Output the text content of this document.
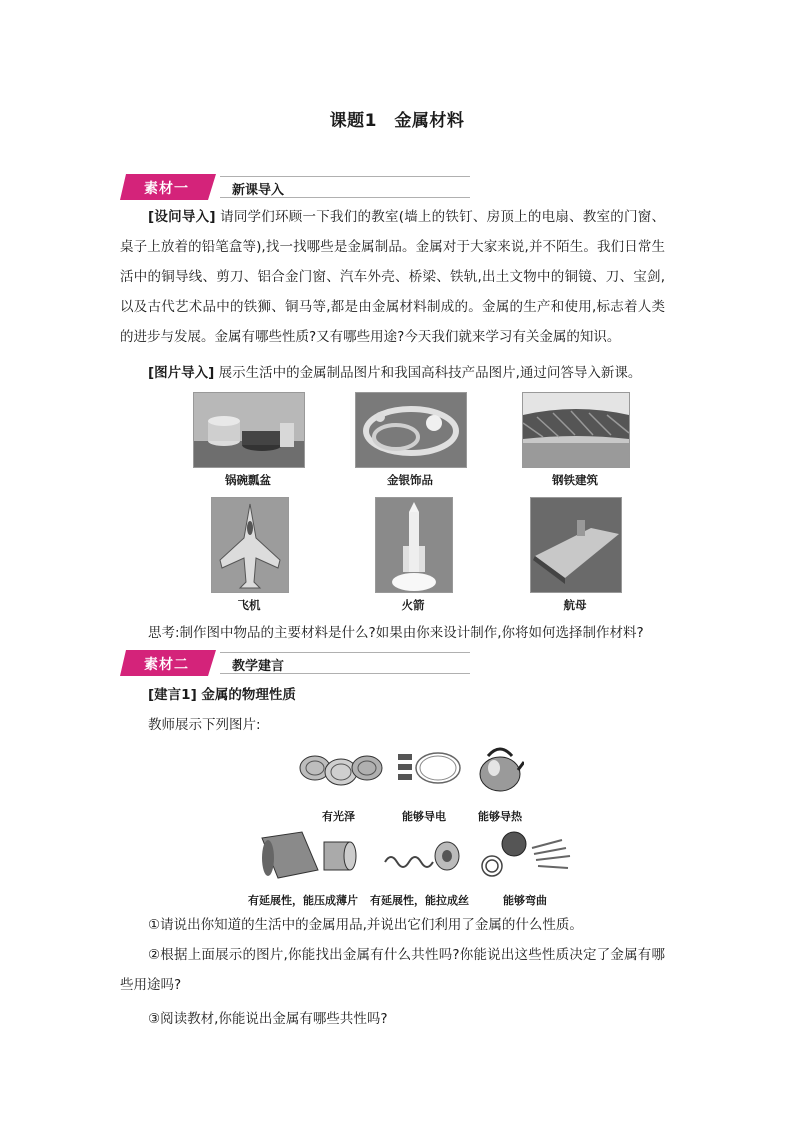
课题1　金属材料
素材一	新课导入
[设问导入] 请同学们环顾一下我们的教室(墙上的铁钉、房顶上的电扇、教室的门窗、桌子上放着的铅笔盒等),找一找哪些是金属制品。金属对于大家来说,并不陌生。我们日常生活中的铜导线、剪刀、铝合金门窗、汽车外壳、桥梁、铁轨,出土文物中的铜镜、刀、宝剑,以及古代艺术品中的铁狮、铜马等,都是由金属材料制成的。金属的生产和使用,标志着人类的进步与发展。金属有哪些性质?又有哪些用途?今天我们就来学习有关金属的知识。
[图片导入] 展示生活中的金属制品图片和我国高科技产品图片,通过问答导入新课。
锅碗瓢盆	金银饰品	钢铁建筑
飞机	火箭	航母
思考:制作图中物品的主要材料是什么?如果由你来设计制作,你将如何选择制作材料?
素材二	教学建言
[建言1] 金属的物理性质
教师展示下列图片:
有光泽	能够导电	能够导热
有延展性，能压成薄片 有延展性，能拉成丝	能够弯曲
①请说出你知道的生活中的金属用品,并说出它们利用了金属的什么性质。
②根据上面展示的图片,你能找出金属有什么共性吗?你能说出这些性质决定了金属有哪些用途吗?
③阅读教材,你能说出金属有哪些共性吗?
